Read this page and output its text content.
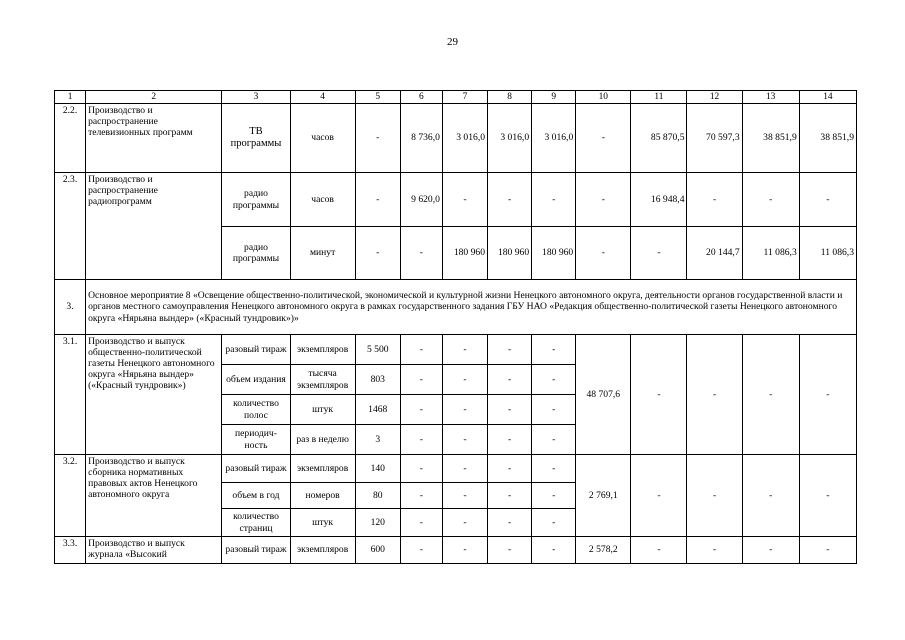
29
1	2	3	4	5	6	7	8	9	10	11	12	13	14
2.2.	Производство и распространение телевизионных программ	ТВ программы	часов	-	8 736,0	3 016,0	3 016,0	3 016,0	-	85 870,5	70 597,3	38 851,9	38 851,9
2.3.	Производство и распространение радиопрограмм	радио программы	часов	-	9 620,0	-	-	-	-	16 948,4	-	-	-
		радио программы	минут	-	-	180 960	180 960	180 960	-	-	20 144,7	11 086,3	11 086,3
3.	Основное мероприятие 8 «Освещение общественно-политической, экономической и культурной жизни Ненецкого автономного округа, деятельности органов государственной власти и органов местного самоуправления Ненецкого автономного округа в рамках государственного задания ГБУ НАО «Редакция общественно-политической газеты Ненецкого автономного округа «Нярьяна вындер» («Красный тундровик»)»												
3.1.	Производство и выпуск общественно-политической газеты Ненецкого автономного округа «Нярьяна вындер» («Красный тундровик»)	разовый тираж	экземпляров	5 500	-	-	-	-	48 707,6	-	-	-	-
		объем издания	тысяча экземпляров	803	-	-	-	-					
		количество полос	штук	1468	-	-	-	-					
		периодич-ность	раз в неделю	3	-	-	-	-					
3.2.	Производство и выпуск сборника нормативных правовых актов Ненецкого автономного округа	разовый тираж	экземпляров	140	-	-	-	-	2 769,1	-	-	-	-
		объем в год	номеров	80	-	-	-	-					
		количество страниц	штук	120	-	-	-	-					
3.3.	Производство и выпуск журнала «Высокий	разовый тираж	экземпляров	600	-	-	-	-	2 578,2	-	-	-	-
